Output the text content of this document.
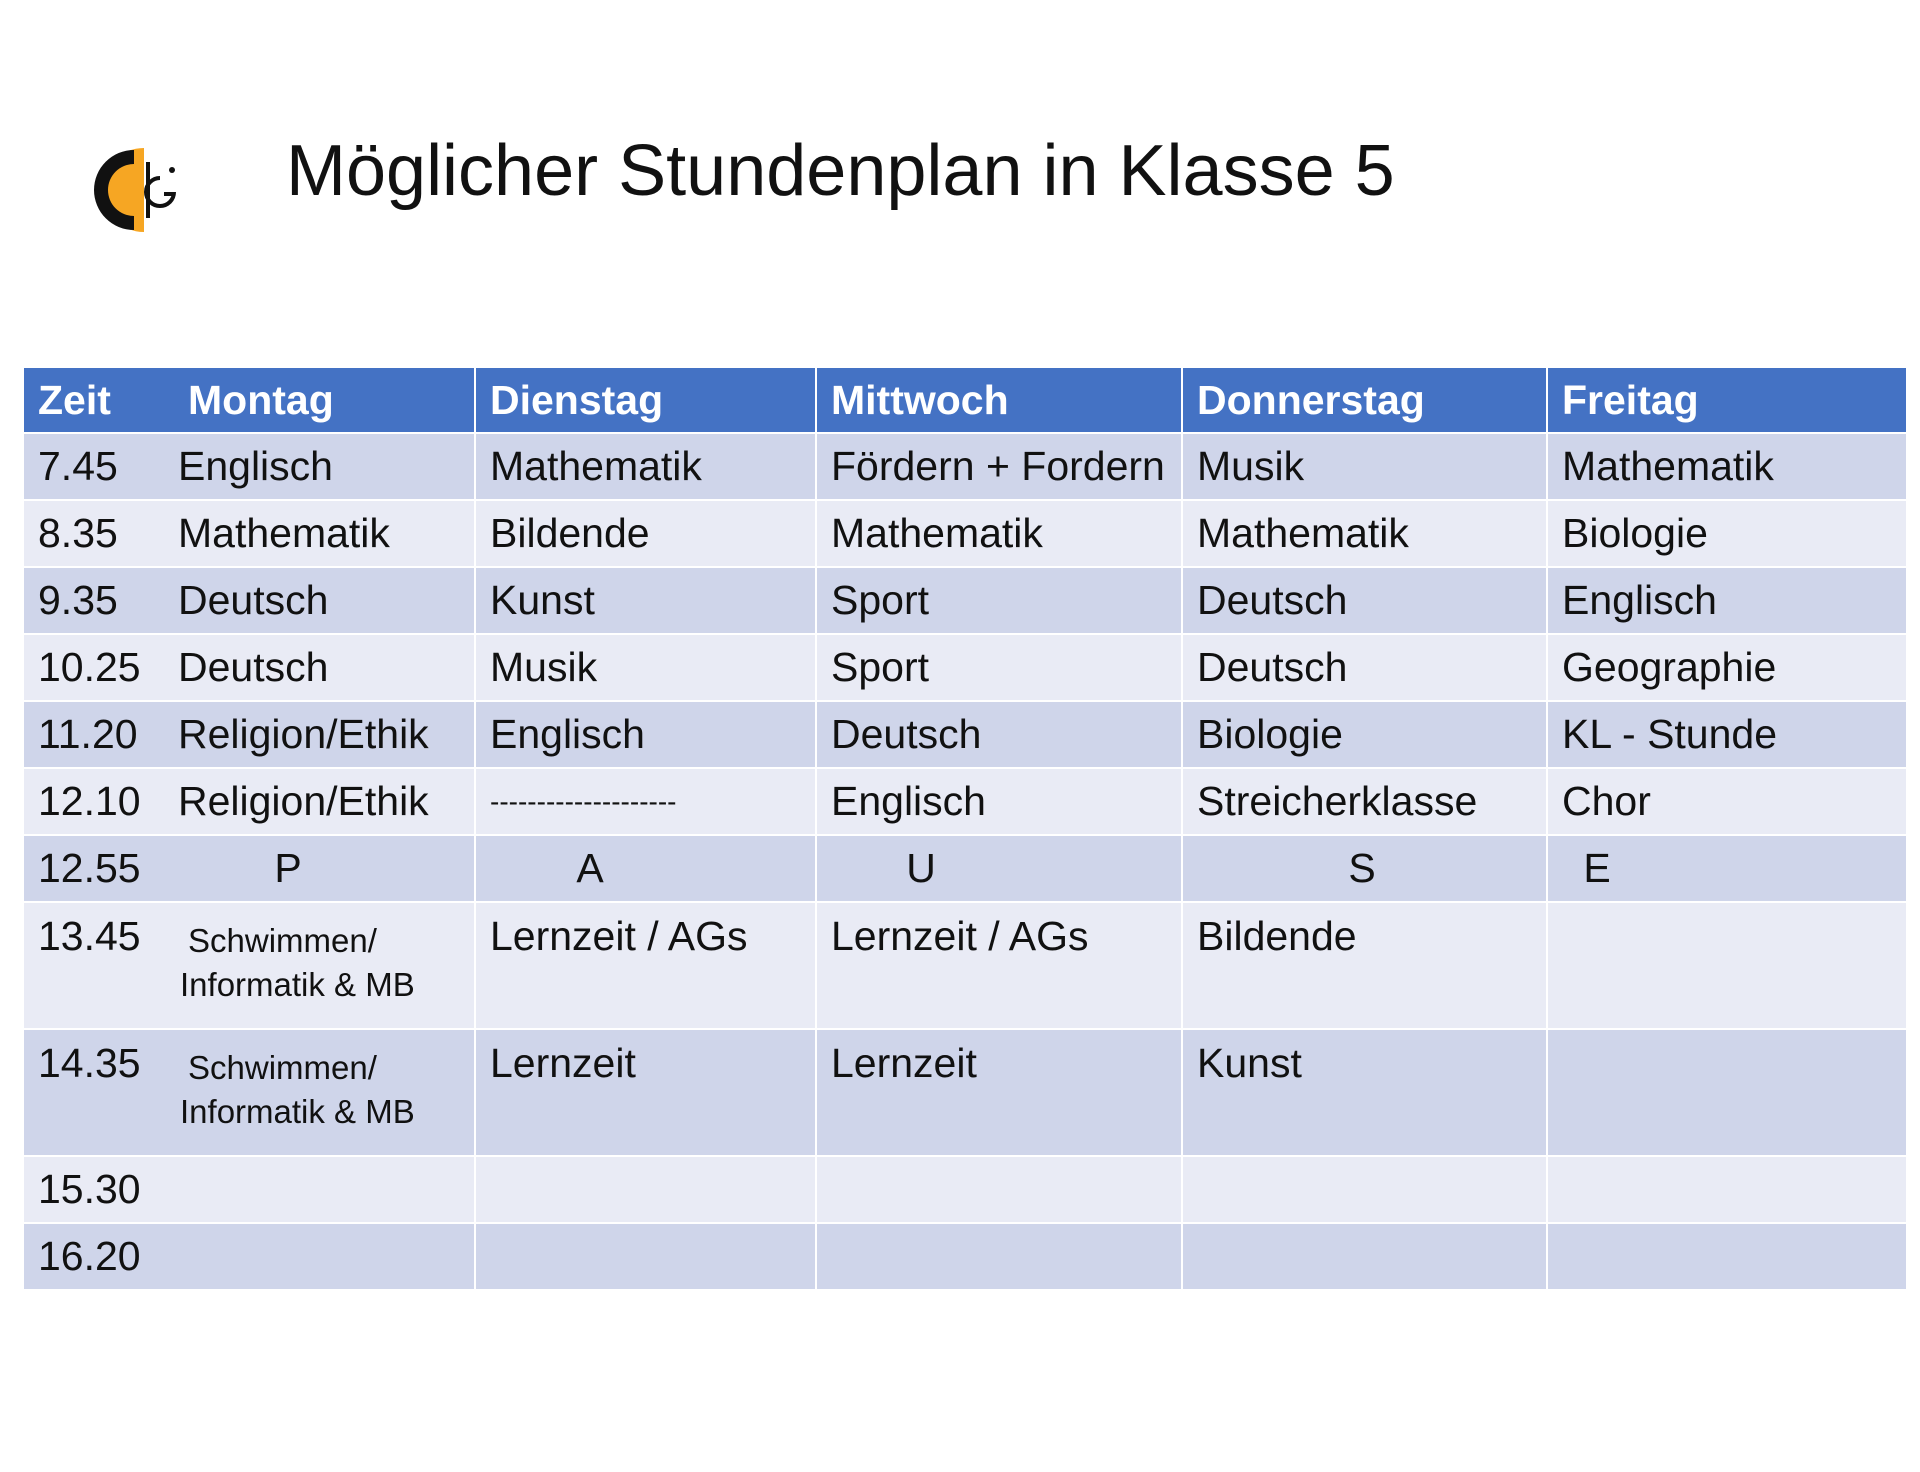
Möglicher Stundenplan in Klasse 5
Zeit Montag	Dienstag	Mittwoch	Donnerstag	Freitag
7.45 Englisch	Mathematik	Fördern + Fordern	Musik	Mathematik
8.35 Mathematik	Bildende	Mathematik	Mathematik	Biologie
9.35 Deutsch	Kunst	Sport	Deutsch	Englisch
10.25 Deutsch	Musik	Sport	Deutsch	Geographie
11.20 Religion/Ethik	Englisch	Deutsch	Biologie	KL - Stunde
12.10 Religion/Ethik	--------------------	Englisch	Streicherklasse	Chor
12.55 P	A	U	S	E

13.45 Schwimmen/
Informatik & MB	Lernzeit / AGs	Lernzeit / AGs	Bildende	

14.35 Schwimmen/
Informatik & MB	Lernzeit	Lernzeit	Kunst	
15.30				
16.20				
